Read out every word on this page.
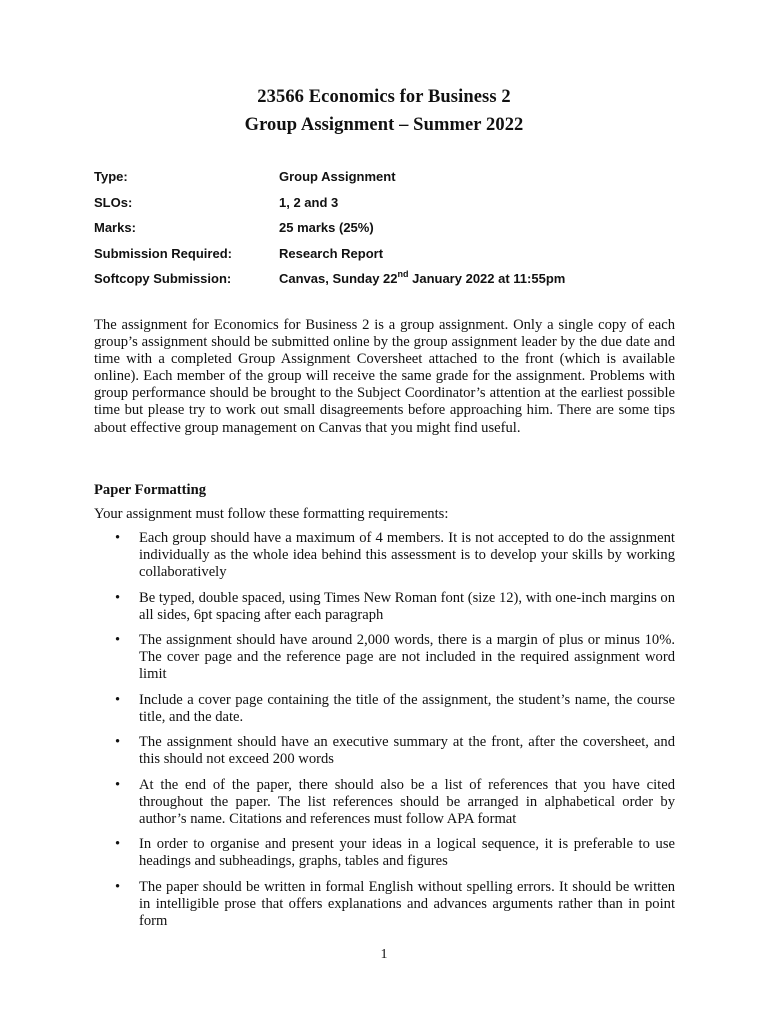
23566 Economics for Business 2
Group Assignment – Summer 2022
Type:	Group Assignment
SLOs:	1, 2 and 3
Marks:	25 marks (25%)
Submission Required:	Research Report
Softcopy Submission:	Canvas, Sunday 22nd January 2022 at 11:55pm
The assignment for Economics for Business 2 is a group assignment. Only a single copy of each group’s assignment should be submitted online by the group assignment leader by the due date and time with a completed Group Assignment Coversheet attached to the front (which is available online). Each member of the group will receive the same grade for the assignment. Problems with group performance should be brought to the Subject Coordinator’s attention at the earliest possible time but please try to work out small disagreements before approaching him. There are some tips about effective group management on Canvas that you might find useful.
Paper Formatting
Your assignment must follow these formatting requirements:
•	Each group should have a maximum of 4 members. It is not accepted to do the assignment individually as the whole idea behind this assessment is to develop your skills by working collaboratively
•	Be typed, double spaced, using Times New Roman font (size 12), with one-inch margins on all sides, 6pt spacing after each paragraph
•	The assignment should have around 2,000 words, there is a margin of plus or minus 10%. The cover page and the reference page are not included in the required assignment word limit
•	Include a cover page containing the title of the assignment, the student’s name, the course title, and the date.
•	The assignment should have an executive summary at the front, after the coversheet, and this should not exceed 200 words
•	At the end of the paper, there should also be a list of references that you have cited throughout the paper. The list references should be arranged in alphabetical order by author’s name. Citations and references must follow APA format
•	In order to organise and present your ideas in a logical sequence, it is preferable to use headings and subheadings, graphs, tables and figures
•	The paper should be written in formal English without spelling errors. It should be written in intelligible prose that offers explanations and advances arguments rather than in point form
1
